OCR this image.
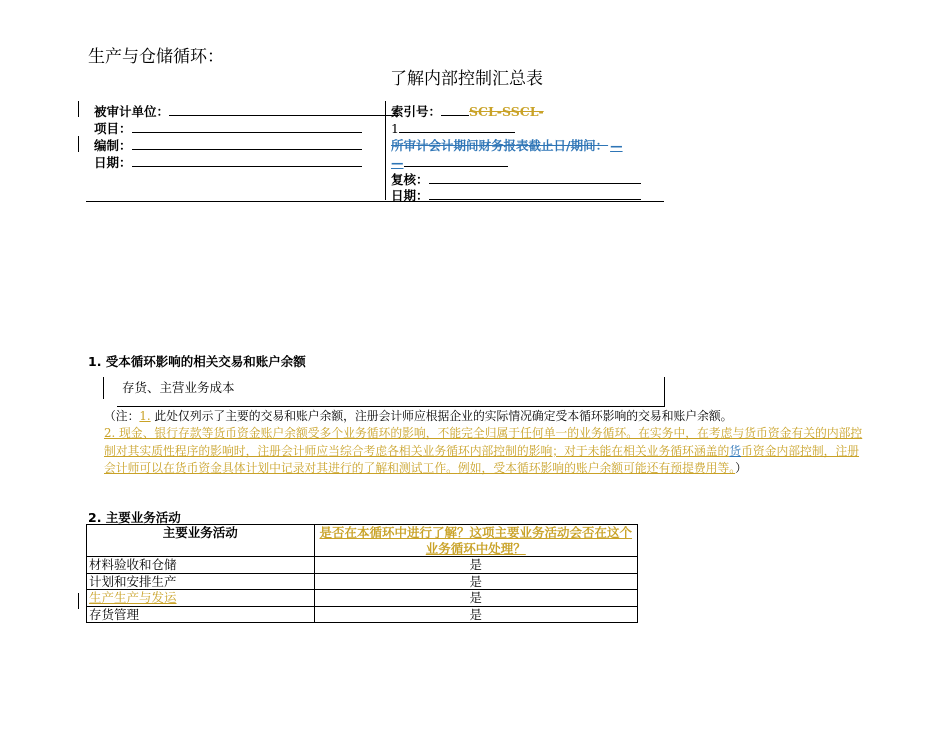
生产与仓储循环：
了解内部控制汇总表
被审计单位：
项目：
编制：
日期：
索引号： SCL-SSCL-
1
所审计会计期间财务报表截止日/期间： —
—
复核：
日期：
1. 受本循环影响的相关交易和账户余额
存货、主营业务成本
（注：1. 此处仅列示了主要的交易和账户余额，注册会计师应根据企业的实际情况确定受本循环影响的交易和账户余额。
2. 现金、银行存款等货币资金账户余额受多个业务循环的影响，不能完全归属于任何单一的业务循环。在实务中，在考虑与货币资金有关的内部控制对其实质性程序的影响时，注册会计师应当综合考虑各相关业务循环内部控制的影响；对于未能在相关业务循环涵盖的货币资金内部控制，注册会计师可以在货币资金具体计划中记录对其进行的了解和测试工作。例如，受本循环影响的账户余额可能还有预提费用等。）
2. 主要业务活动
主要业务活动	是否在本循环中进行了解？这项主要业务活动会否在这个业务循环中处理？
材料验收和仓储	是
计划和安排生产	是
生产生产与发运	是
存货管理	是
